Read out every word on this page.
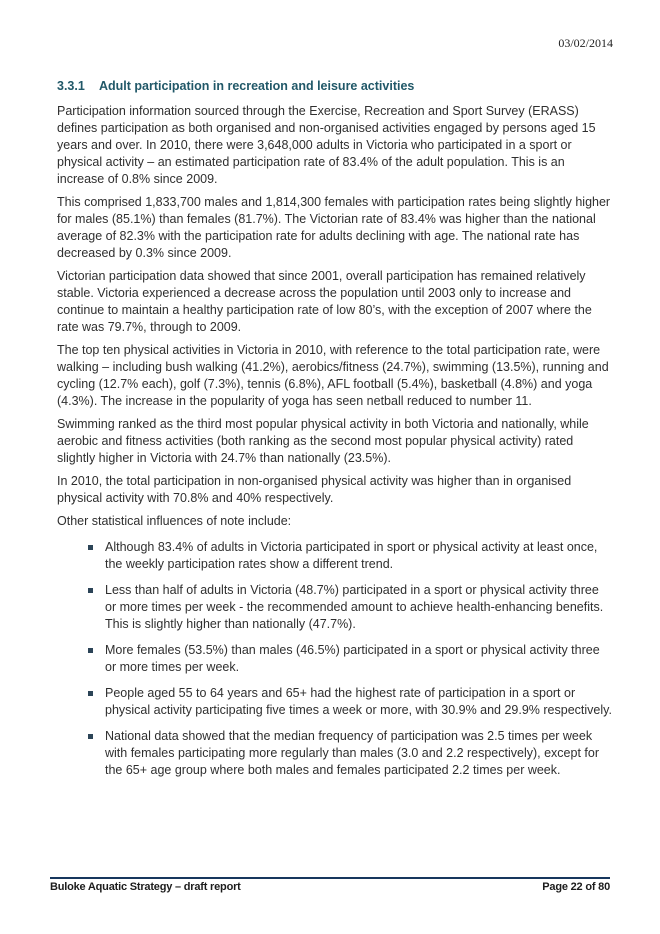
03/02/2014
3.3.1 Adult participation in recreation and leisure activities

Participation information sourced through the Exercise, Recreation and Sport Survey (ERASS) defines participation as both organised and non-organised activities engaged by persons aged 15 years and over. In 2010, there were 3,648,000 adults in Victoria who participated in a sport or physical activity – an estimated participation rate of 83.4% of the adult population. This is an increase of 0.8% since 2009.

This comprised 1,833,700 males and 1,814,300 females with participation rates being slightly higher for males (85.1%) than females (81.7%). The Victorian rate of 83.4% was higher than the national average of 82.3% with the participation rate for adults declining with age. The national rate has decreased by 0.3% since 2009.

Victorian participation data showed that since 2001, overall participation has remained relatively stable. Victoria experienced a decrease across the population until 2003 only to increase and continue to maintain a healthy participation rate of low 80’s, with the exception of 2007 where the rate was 79.7%, through to 2009.

The top ten physical activities in Victoria in 2010, with reference to the total participation rate, were walking – including bush walking (41.2%), aerobics/fitness (24.7%), swimming (13.5%), running and cycling (12.7% each), golf (7.3%), tennis (6.8%), AFL football (5.4%), basketball (4.8%) and yoga (4.3%). The increase in the popularity of yoga has seen netball reduced to number 11.

Swimming ranked as the third most popular physical activity in both Victoria and nationally, while aerobic and fitness activities (both ranking as the second most popular physical activity) rated slightly higher in Victoria with 24.7% than nationally (23.5%).

In 2010, the total participation in non-organised physical activity was higher than in organised physical activity with 70.8% and 40% respectively.

Other statistical influences of note include:

Although 83.4% of adults in Victoria participated in sport or physical activity at least once, the weekly participation rates show a different trend.
Less than half of adults in Victoria (48.7%) participated in a sport or physical activity three or more times per week - the recommended amount to achieve health-enhancing benefits. This is slightly higher than nationally (47.7%).
More females (53.5%) than males (46.5%) participated in a sport or physical activity three or more times per week.
People aged 55 to 64 years and 65+ had the highest rate of participation in a sport or physical activity participating five times a week or more, with 30.9% and 29.9% respectively.
National data showed that the median frequency of participation was 2.5 times per week with females participating more regularly than males (3.0 and 2.2 respectively), except for the 65+ age group where both males and females participated 2.2 times per week.
Buloke Aquatic Strategy – draft report	Page 22 of 80
